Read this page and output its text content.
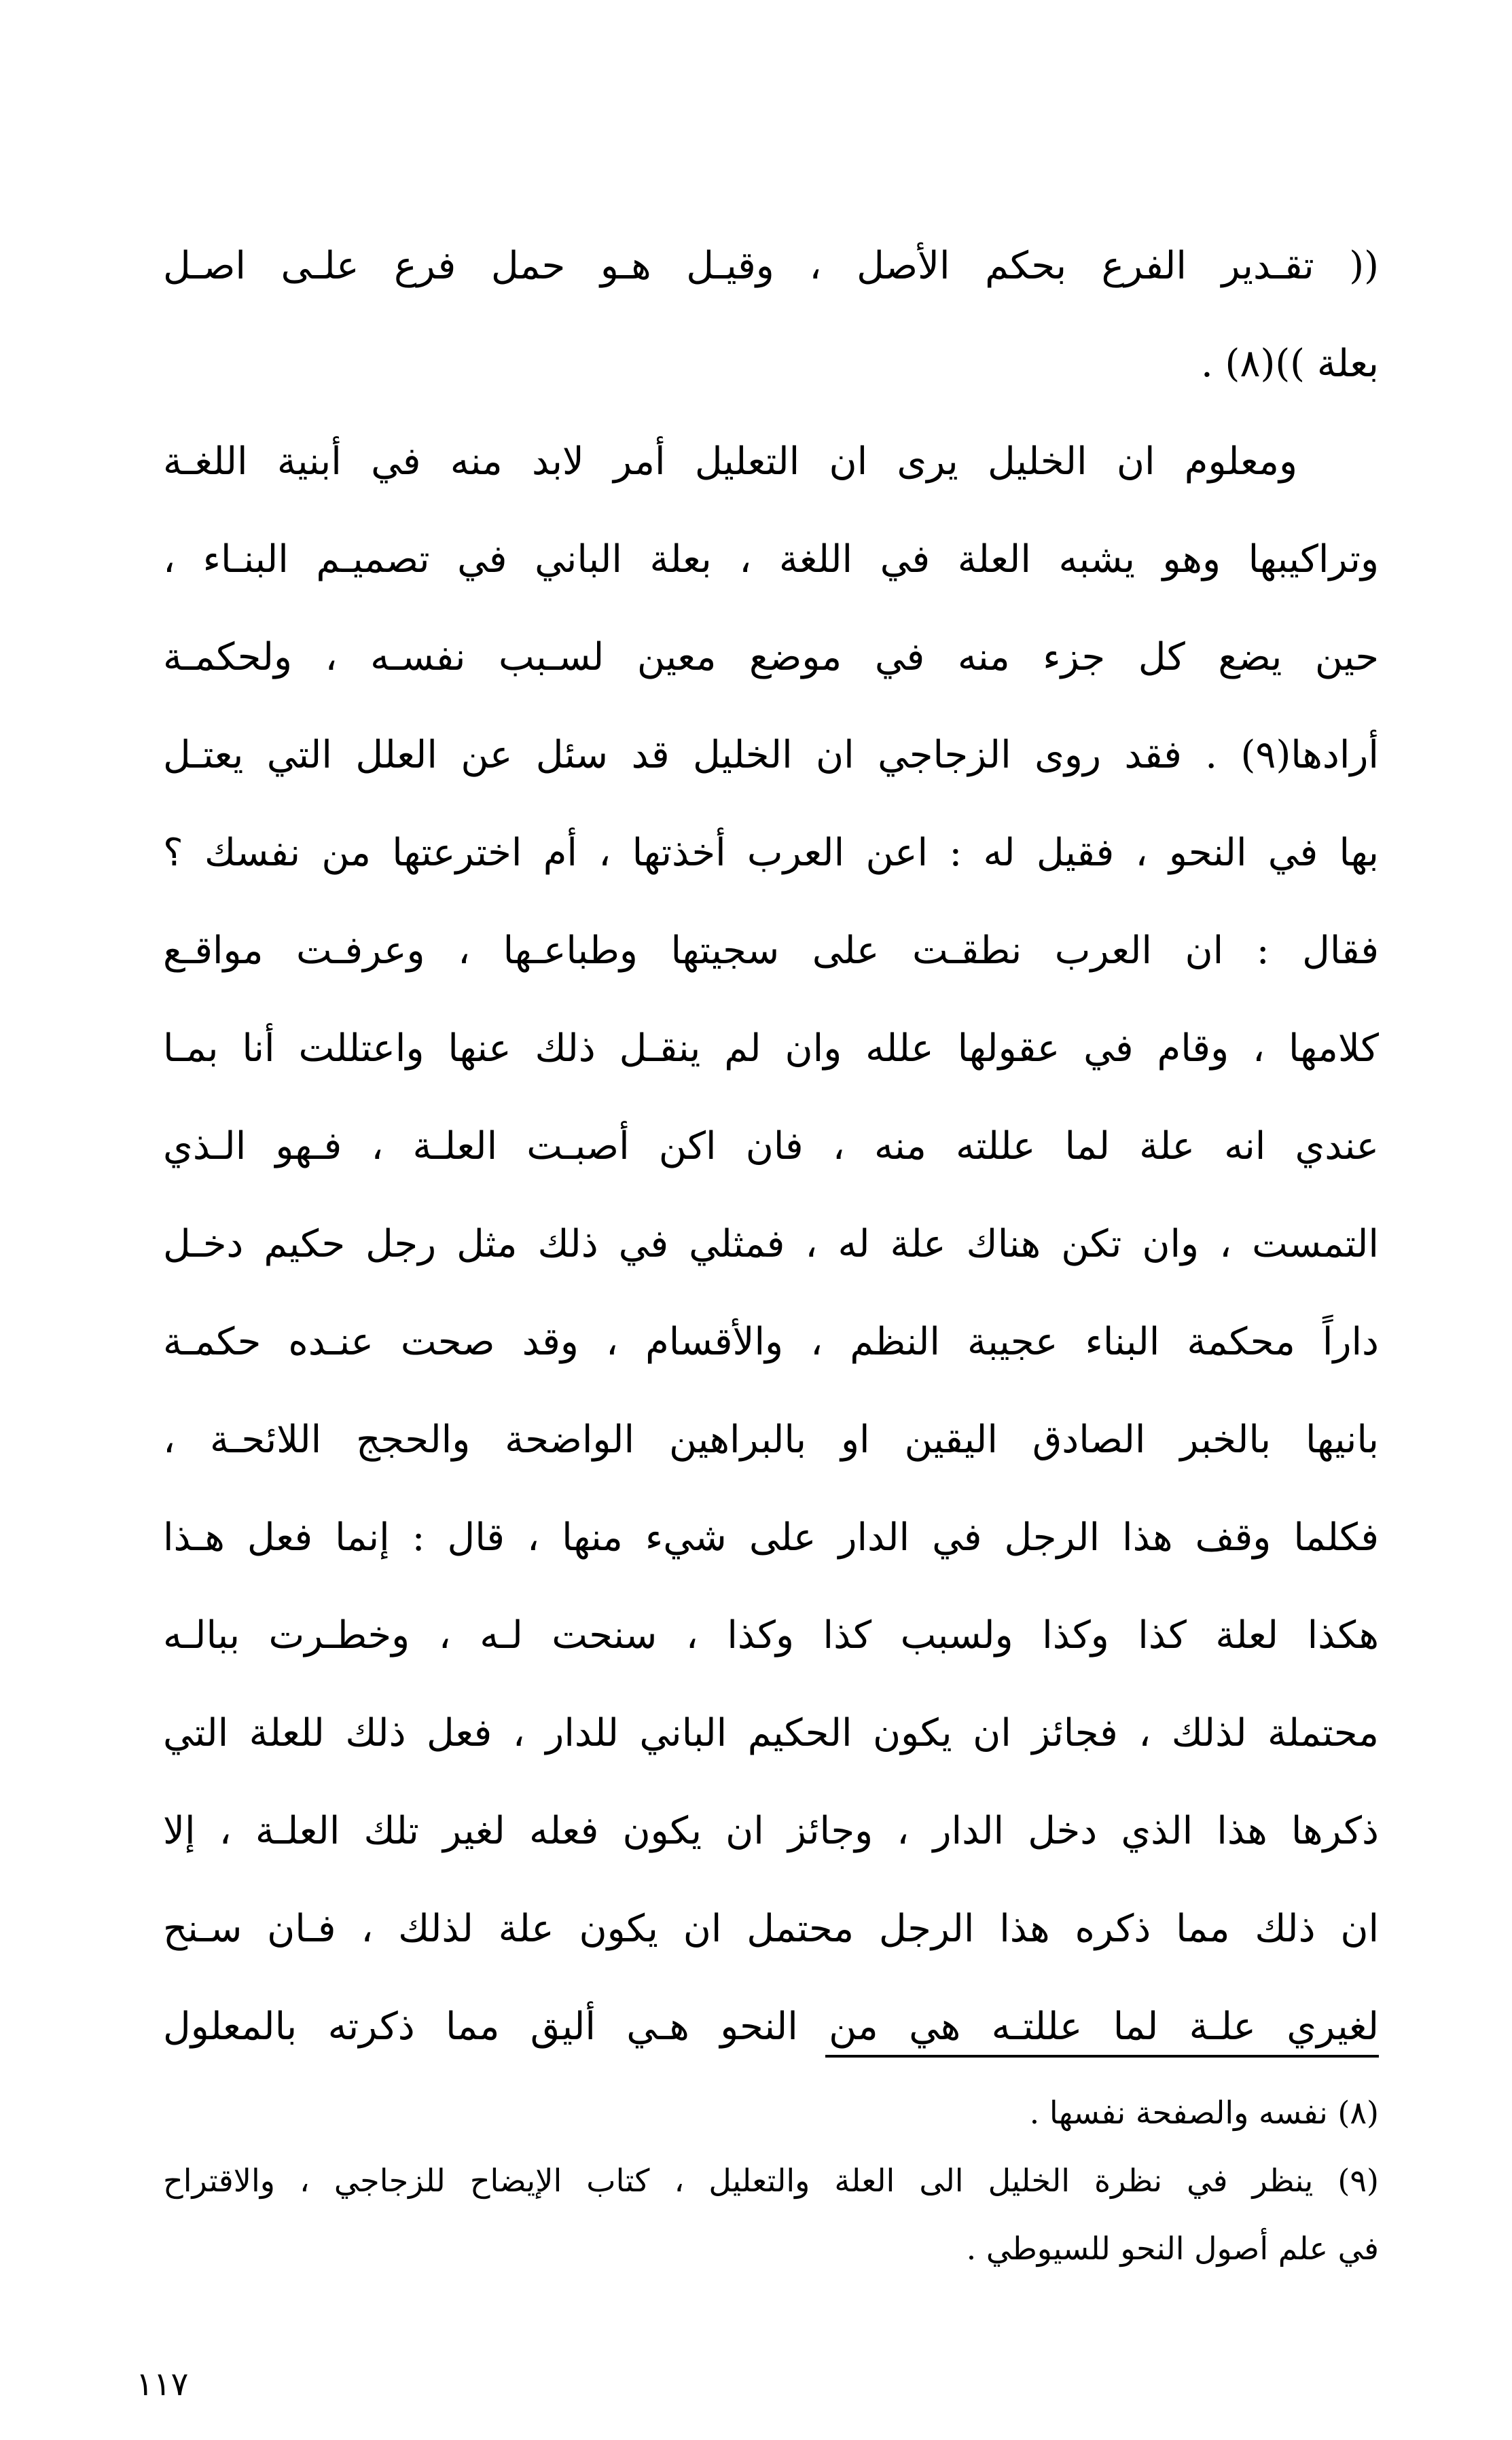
(( تقـدير الفرع بحكم الأصل ، وقيـل هـو حمل فرع علـى اصـل
بعلة ))(٨) .
ومعلوم ان الخليل يرى ان التعليل أمر لابد منه في أبنية اللغـة
وتراكيبها وهو يشبه العلة في اللغة ، بعلة الباني في تصميـم البنـاء ،
حين يضع كل جزء منه في موضع معين لسـبب نفسـه ، ولحكمـة
أرادها(٩) . فقد روى الزجاجي ان الخليل قد سئل عن العلل التي يعتـل
بها في النحو ، فقيل له : اعن العرب أخذتها ، أم اخترعتها من نفسك ؟
فقال : ان العرب نطقـت على سجيتها وطباعـها ، وعرفـت مواقـع
كلامها ، وقام في عقولها علله وان لم ينقـل ذلك عنها واعتللت أنا بمـا
عندي انه علة لما عللته منه ، فان اكن أصبـت العلـة ، فـهو الـذي
التمست ، وان تكن هناك علة له ، فمثلي في ذلك مثل رجل حكيم دخـل
داراً محكمة البناء عجيبة النظم ، والأقسام ، وقد صحت عنـده حكمـة
بانيها بالخبر الصادق اليقين او بالبراهين الواضحة والحجج اللائحـة ،
فكلما وقف هذا الرجل في الدار على شيء منها ، قال : إنما فعل هـذا
هكذا لعلة كذا وكذا ولسبب كذا وكذا ، سنحت لـه ، وخطـرت ببالـه
محتملة لذلك ، فجائز ان يكون الحكيم الباني للدار ، فعل ذلك للعلة التي
ذكرها هذا الذي دخل الدار ، وجائز ان يكون فعله لغير تلك العلـة ، إلا
ان ذلك مما ذكره هذا الرجل محتمل ان يكون علة لذلك ، فـان سـنح
لغيري علـة لما عللتـه هي من النحو هـي أليق مما ذكرته بالمعلول
(٨) نفسه والصفحة نفسها .
(٩) ينظر في نظرة الخليل الى العلة والتعليل ، كتاب الإيضاح للزجاجي ، والاقتراح
في علم أصول النحو للسيوطي .
١١٧
